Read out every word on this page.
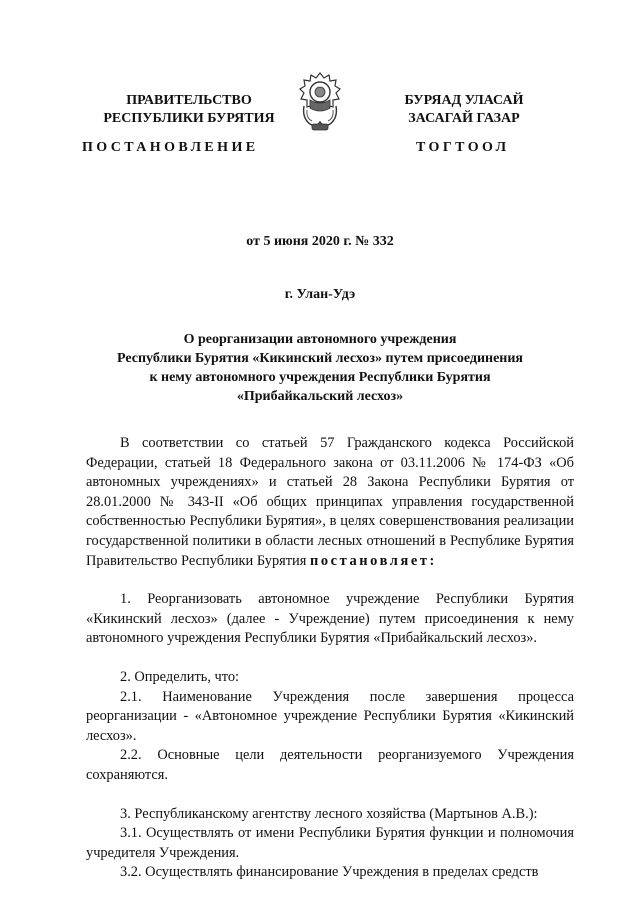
ПРАВИТЕЛЬСТВО
РЕСПУБЛИКИ БУРЯТИЯ
БУРЯАД УЛАСАЙ
ЗАСАГАЙ ГАЗАР
ПОСТАНОВЛЕНИЕ	ТОГТООЛ
от 5 июня 2020 г. № 332
г. Улан-Удэ
О реорганизации автономного учреждения
Республики Бурятия «Кикинский лесхоз» путем присоединения
к нему автономного учреждения Республики Бурятия
«Прибайкальский лесхоз»

В соответствии со статьей 57 Гражданского кодекса Российской Федерации, статьей 18 Федерального закона от 03.11.2006 № 174-ФЗ «Об автономных учреждениях» и статьей 28 Закона Республики Бурятия от 28.01.2000 № 343-II «Об общих принципах управления государственной собственностью Республики Бурятия», в целях совершенствования реализации государственной политики в области лесных отношений в Республике Бурятия Правительство Республики Бурятия постановляет:

1. Реорганизовать автономное учреждение Республики Бурятия «Кикинский лесхоз» (далее - Учреждение) путем присоединения к нему автономного учреждения Республики Бурятия «Прибайкальский лесхоз».

2. Определить, что:

2.1. Наименование Учреждения после завершения процесса реорганизации - «Автономное учреждение Республики Бурятия «Кикинский лесхоз».

2.2. Основные цели деятельности реорганизуемого Учреждения сохраняются.

3. Республиканскому агентству лесного хозяйства (Мартынов А.В.):

3.1. Осуществлять от имени Республики Бурятия функции и полномочия учредителя Учреждения.

3.2. Осуществлять финансирование Учреждения в пределах средств
